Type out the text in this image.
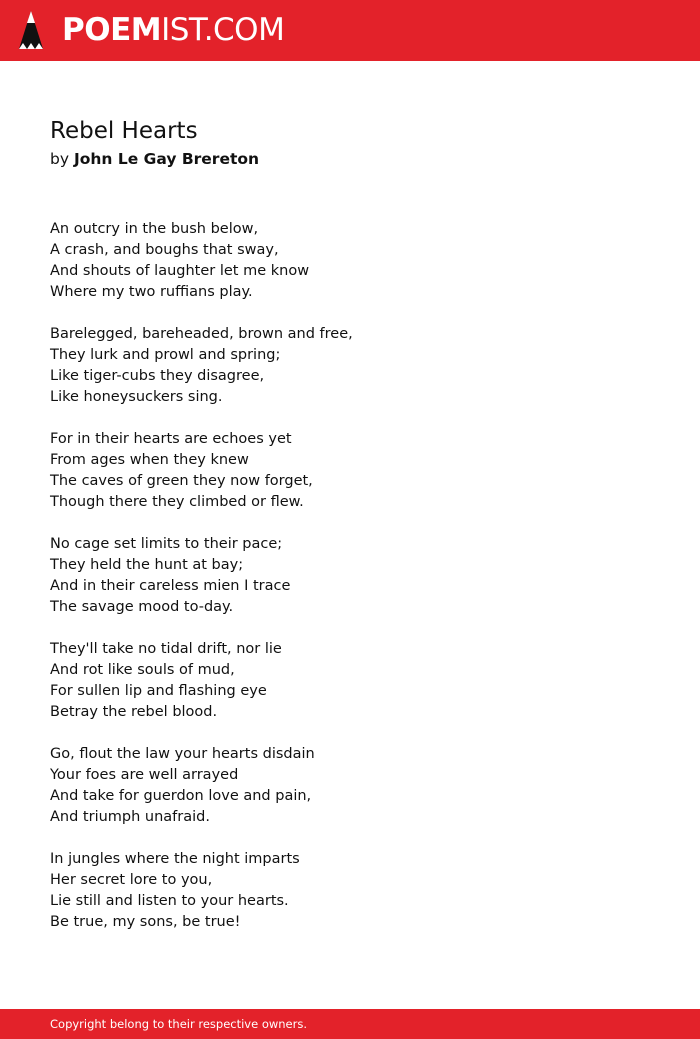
POEMIST.COM
Rebel Hearts
by John Le Gay Brereton
An outcry in the bush below,
A crash, and boughs that sway,
And shouts of laughter let me know
Where my two ruffians play.
Barelegged, bareheaded, brown and free,
They lurk and prowl and spring;
Like tiger-cubs they disagree,
Like honeysuckers sing.
For in their hearts are echoes yet
From ages when they knew
The caves of green they now forget,
Though there they climbed or flew.
No cage set limits to their pace;
They held the hunt at bay;
And in their careless mien I trace
The savage mood to-day.
They'll take no tidal drift, nor lie
And rot like souls of mud,
For sullen lip and flashing eye
Betray the rebel blood.
Go, flout the law your hearts disdain
Your foes are well arrayed
And take for guerdon love and pain,
And triumph unafraid.
In jungles where the night imparts
Her secret lore to you,
Lie still and listen to your hearts.
Be true, my sons, be true!
Copyright belong to their respective owners.
